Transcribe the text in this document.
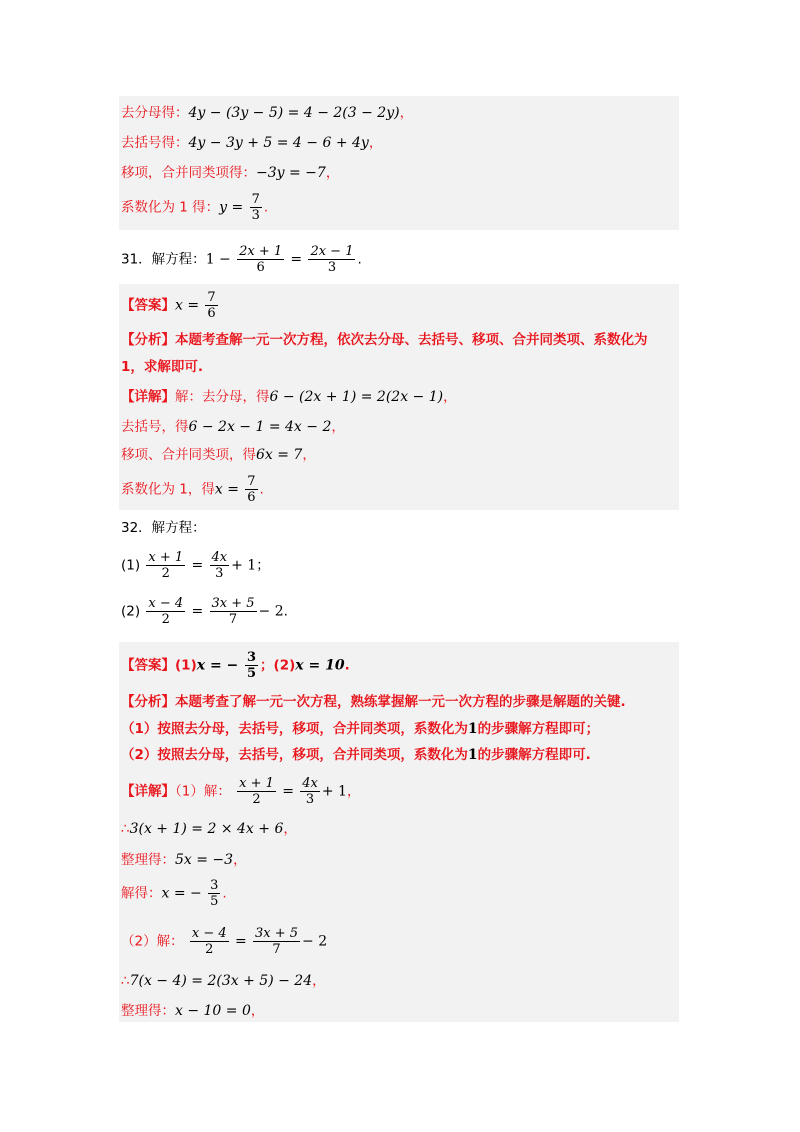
去分母得：4y − (3y − 5) = 4 − 2(3 − 2y)，
去括号得：4y − 3y + 5 = 4 − 6 + 4y，
移项，合并同类项得：−3y = −7，
系数化为 1 得：$y = \frac{7}{3}$ .
31．解方程：$1 - \frac{2x + 1}{6} = \frac{2x - 1}{3}$ .
【答案】$x = \frac{7}{6}$
【分析】本题考查解一元一次方程，依次去分母、去括号、移项、合并同类项、系数化为
1，求解即可.
【详解】解：去分母，得6 − (2x + 1) = 2(2x − 1)，
去括号，得6 − 2x − 1 = 4x − 2，
移项、合并同类项，得6x = 7，
系数化为 1，得$x = \frac{7}{6}$ .
32．解方程：
$(1) \frac{x + 1}{2} = \frac{4x}{3} + 1$；
$(2) \frac{x - 4}{2} = \frac{3x + 5}{7} - 2$.
【答案】(1)x = − $\frac{3}{5}$ ；(2)x = 10.
【分析】本题考查了解一元一次方程，熟练掌握解一元一次方程的步骤是解题的关键.
（1）按照去分母，去括号，移项，合并同类项，系数化为1的步骤解方程即可；
（2）按照去分母，去括号，移项，合并同类项，系数化为1的步骤解方程即可.
【详解】（1）解： $\frac{x + 1}{2} = \frac{4x}{3} + 1$，
∴3(x + 1) = 2 × 4x + 6，
整理得：5x = −3，
解得：x = − $\frac{3}{5}$ .
（2）解： $\frac{x - 4}{2} = \frac{3x + 5}{7} - 2$
∴7(x − 4) = 2(3x + 5) − 24，
整理得：x − 10 = 0，
